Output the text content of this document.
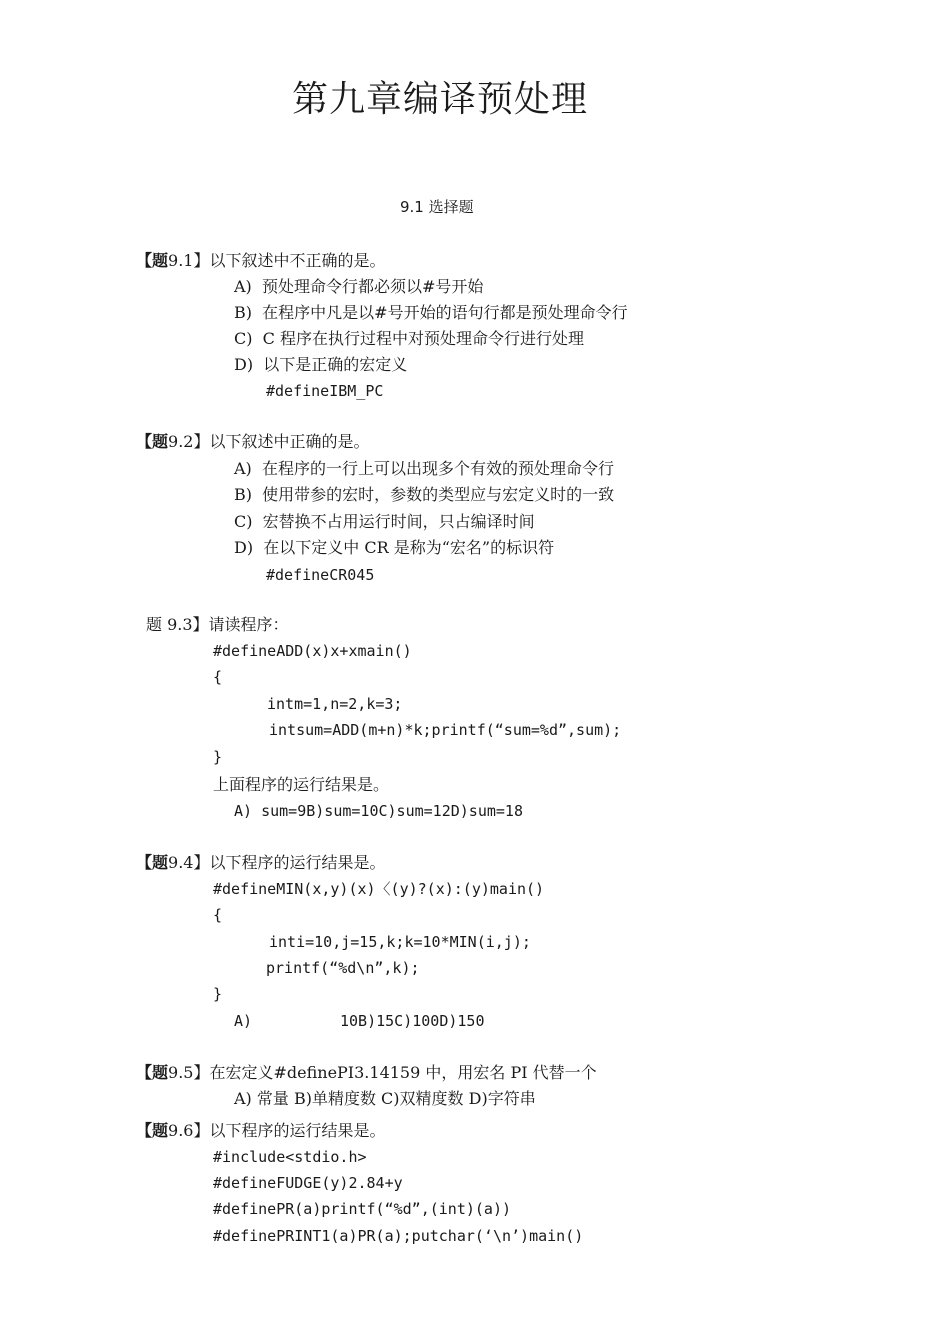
第九章编译预处理
9.1 选择题
【题9.1】以下叙述中不正确的是。
A)  预处理命令行都必须以#号开始
B)  在程序中凡是以#号开始的语句行都是预处理命令行
C)  C 程序在执行过程中对预处理命令行进行处理
D)  以下是正确的宏定义
#defineIBM_PC
【题9.2】以下叙述中正确的是。
A)  在程序的一行上可以出现多个有效的预处理命令行
B)  使用带参的宏时，参数的类型应与宏定义时的一致
C)  宏替换不占用运行时间，只占编译时间
D)  在以下定义中 CR 是称为“宏名”的标识符
#defineCR045
题 9.3】请读程序：
#defineADD(x)x+xmain()
{
intm=1,n=2,k=3;
intsum=ADD(m+n)*k;printf(“sum=%d”,sum);
}
上面程序的运行结果是。
A) sum=9B)sum=10C)sum=12D)sum=18
【题9.4】以下程序的运行结果是。
#defineMIN(x,y)(x)〈(y)?(x):(y)main()
{
inti=10,j=15,k;k=10*MIN(i,j);
printf(“%d\n”,k);
}
A)	10B)15C)100D)150
【题9.5】在宏定义#definePI3.14159 中，用宏名 PI 代替一个
A) 常量 B)单精度数 C)双精度数 D)字符串
【题9.6】以下程序的运行结果是。
#include<stdio.h>
#defineFUDGE(y)2.84+y
#definePR(a)printf(“%d”,(int)(a))
#definePRINT1(a)PR(a);putchar(‘\n’)main()
